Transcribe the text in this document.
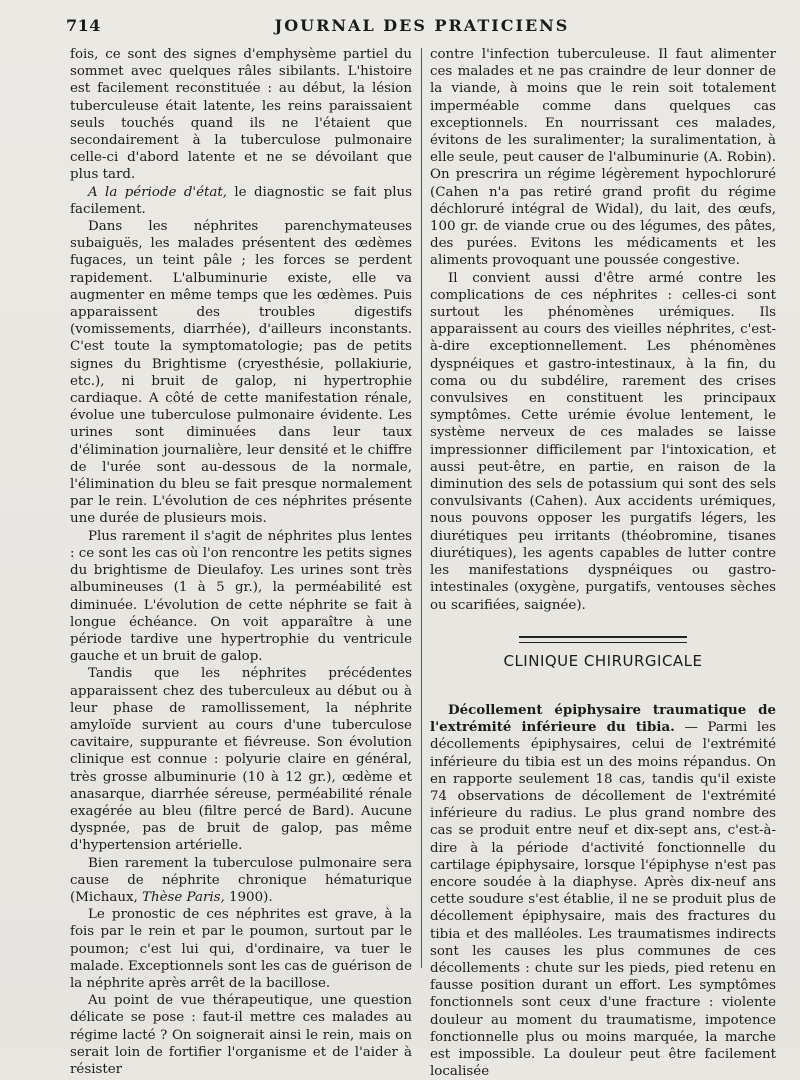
714	JOURNAL DES PRATICIENS

fois, ce sont des signes d'emphysème partiel du sommet avec quelques râles sibilants. L'histoire est facilement reconstituée : au début, la lésion tuberculeuse était latente, les reins paraissaient seuls touchés quand ils ne l'étaient que secondairement à la tuberculose pulmonaire celle-ci d'abord latente et ne se dévoilant que plus tard.

A la période d'état, le diagnostic se fait plus facilement.

Dans les néphrites parenchymateuses subaiguës, les malades présentent des œdèmes fugaces, un teint pâle ; les forces se perdent rapidement. L'albuminurie existe, elle va augmenter en même temps que les œdèmes. Puis apparaissent des troubles digestifs (vomissements, diarrhée), d'ailleurs inconstants. C'est toute la symptomatologie; pas de petits signes du Brightisme (cryesthésie, pollakiurie, etc.), ni bruit de galop, ni hypertrophie cardiaque. A côté de cette manifestation rénale, évolue une tuberculose pulmonaire évidente. Les urines sont diminuées dans leur taux d'élimination journalière, leur densité et le chiffre de l'urée sont au-dessous de la normale, l'élimination du bleu se fait presque normalement par le rein. L'évolution de ces néphrites présente une durée de plusieurs mois.

Plus rarement il s'agit de néphrites plus lentes : ce sont les cas où l'on rencontre les petits signes du brightisme de Dieulafoy. Les urines sont très albumineuses (1 à 5 gr.), la perméabilité est diminuée. L'évolution de cette néphrite se fait à longue échéance. On voit apparaître à une période tardive une hypertrophie du ventricule gauche et un bruit de galop.

Tandis que les néphrites précédentes apparaissent chez des tuberculeux au début ou à leur phase de ramollissement, la néphrite amyloïde survient au cours d'une tuberculose cavitaire, suppurante et fiévreuse. Son évolution clinique est connue : polyurie claire en général, très grosse albuminurie (10 à 12 gr.), œdème et anasarque, diarrhée séreuse, perméabilité rénale exagérée au bleu (filtre percé de Bard). Aucune dyspnée, pas de bruit de galop, pas même d'hypertension artérielle.

Bien rarement la tuberculose pulmonaire sera cause de néphrite chronique hématurique (Michaux, Thèse Paris, 1900).

Le pronostic de ces néphrites est grave, à la fois par le rein et par le poumon, surtout par le poumon; c'est lui qui, d'ordinaire, va tuer le malade. Exceptionnels sont les cas de guérison de la néphrite après arrêt de la bacillose.

Au point de vue thérapeutique, une question délicate se pose : faut-il mettre ces malades au régime lacté ? On soignerait ainsi le rein, mais on serait loin de fortifier l'organisme et de l'aider à résister

contre l'infection tuberculeuse. Il faut alimenter ces malades et ne pas craindre de leur donner de la viande, à moins que le rein soit totalement imperméable comme dans quelques cas exceptionnels. En nourrissant ces malades, évitons de les suralimenter; la suralimentation, à elle seule, peut causer de l'albuminurie (A. Robin). On prescrira un régime légèrement hypochloruré (Cahen n'a pas retiré grand profit du régime déchloruré intégral de Widal), du lait, des œufs, 100 gr. de viande crue ou des légumes, des pâtes, des purées. Evitons les médicaments et les aliments provoquant une poussée congestive.

Il convient aussi d'être armé contre les complications de ces néphrites : celles-ci sont surtout les phénomènes urémiques. Ils apparaissent au cours des vieilles néphrites, c'est-à-dire exceptionnellement. Les phénomènes dyspnéiques et gastro-intestinaux, à la fin, du coma ou du subdélire, rarement des crises convulsives en constituent les principaux symptômes. Cette urémie évolue lentement, le système nerveux de ces malades se laisse impressionner difficilement par l'intoxication, et aussi peut-être, en partie, en raison de la diminution des sels de potassium qui sont des sels convulsivants (Cahen). Aux accidents urémiques, nous pouvons opposer les purgatifs légers, les diurétiques peu irritants (théobromine, tisanes diurétiques), les agents capables de lutter contre les manifestations dyspnéiques ou gastro-intestinales (oxygène, purgatifs, ventouses sèches ou scarifiées, saignée).

CLINIQUE CHIRURGICALE

Décollement épiphysaire traumatique de l'extrémité inférieure du tibia. — Parmi les décollements épiphysaires, celui de l'extrémité inférieure du tibia est un des moins répandus. On en rapporte seulement 18 cas, tandis qu'il existe 74 observations de décollement de l'extrémité inférieure du radius. Le plus grand nombre des cas se produit entre neuf et dix-sept ans, c'est-à-dire à la période d'activité fonctionnelle du cartilage épiphysaire, lorsque l'épiphyse n'est pas encore soudée à la diaphyse. Après dix-neuf ans cette soudure s'est établie, il ne se produit plus de décollement épiphysaire, mais des fractures du tibia et des malléoles. Les traumatismes indirects sont les causes les plus communes de ces décollements : chute sur les pieds, pied retenu en fausse position durant un effort. Les symptômes fonctionnels sont ceux d'une fracture : violente douleur au moment du traumatisme, impotence fonctionnelle plus ou moins marquée, la marche est impossible. La douleur peut être facilement localisée
